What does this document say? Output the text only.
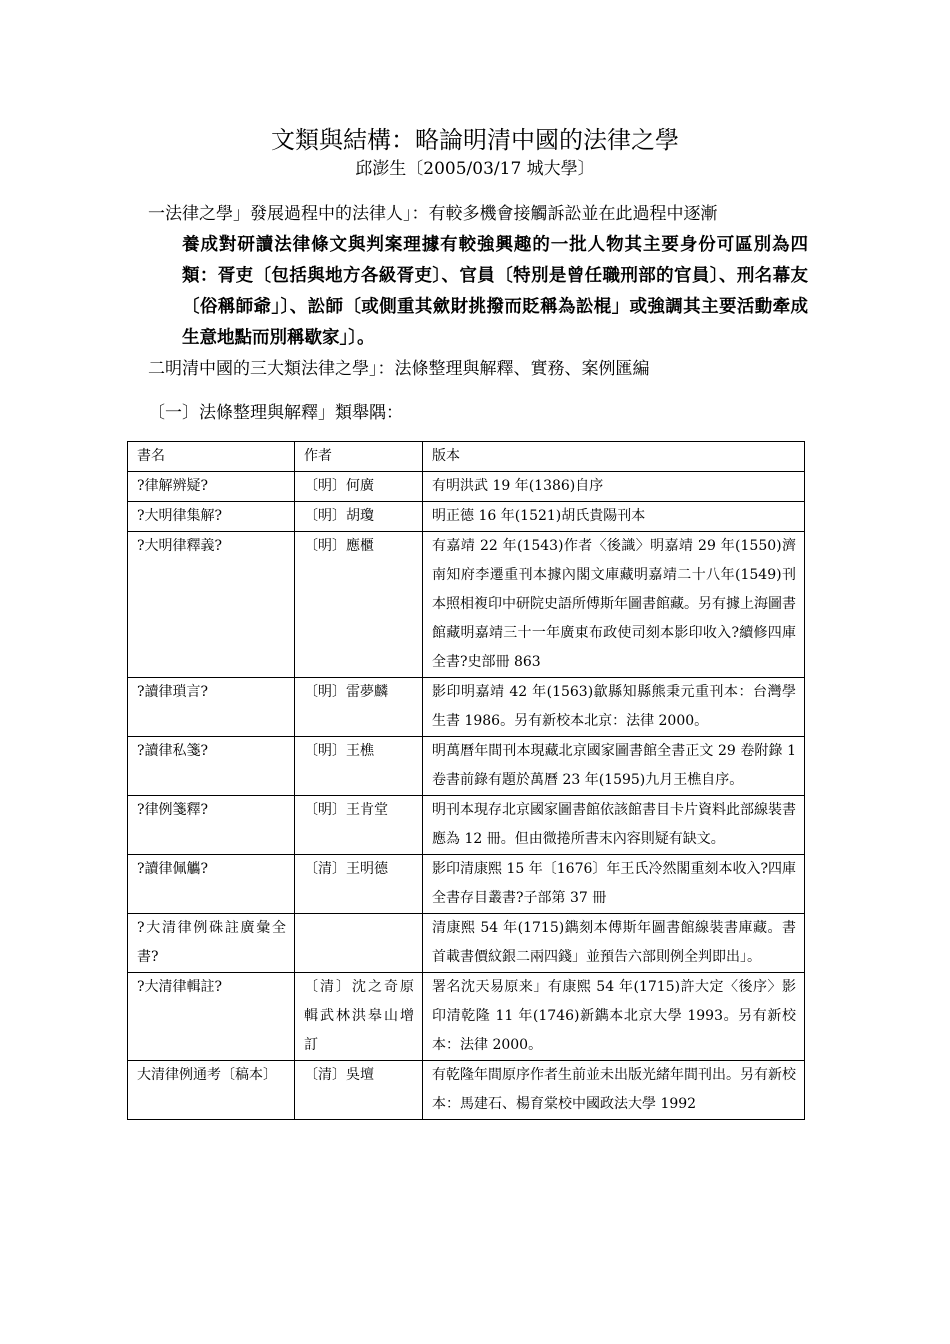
文類與結構：略論明清中國的法律之學
邱澎生〔2005/03/17 城大學〕
一法律之學」發展過程中的法律人」：有較多機會接觸訴訟並在此過程中逐漸
養成對研讀法律條文與判案理據有較強興趣的一批人物其主要身份可區別為四類：胥吏〔包括與地方各級胥吏〕、官員〔特別是曾任職刑部的官員〕、刑名幕友〔俗稱師爺」〕、訟師〔或側重其歛財挑撥而貶稱為訟棍」或強調其主要活動牽成生意地點而別稱歇家」〕。
二明清中國的三大類法律之學」：法條整理與解釋、實務、案例匯編
〔一〕法條整理與解釋」類舉隅：
書名	作者	版本
?律解辨疑?	〔明〕何廣	有明洪武 19 年(1386)自序
?大明律集解?	〔明〕胡瓊	明正德 16 年(1521)胡氏貴陽刊本
?大明律釋義?	〔明〕應櫃	有嘉靖 22 年(1543)作者〈後識〉明嘉靖 29 年(1550)濟南知府李遷重刊本據內閣文庫藏明嘉靖二十八年(1549)刊本照相複印中研院史語所傅斯年圖書館藏。另有據上海圖書館藏明嘉靖三十一年廣東布政使司刻本影印收入?續修四庫全書?史部冊 863
?讀律瑣言?	〔明〕雷夢麟	影印明嘉靖 42 年(1563)歙縣知縣熊秉元重刊本：台灣學生書 1986。另有新校本北京：法律 2000。
?讀律私箋?	〔明〕王樵	明萬曆年間刊本現藏北京國家圖書館全書正文 29 卷附錄 1 卷書前錄有題於萬曆 23 年(1595)九月王樵自序。
?律例箋釋?	〔明〕王肯堂	明刊本現存北京國家圖書館依該館書目卡片資料此部線裝書應為 12 冊。但由微捲所書末內容則疑有缺文。
?讀律佩觿?	〔清〕王明德	影印清康熙 15 年〔1676〕年王氏冷然閣重刻本收入?四庫全書存目叢書?子部第 37 冊
?大清律例硃註廣彙全書?		清康熙 54 年(1715)鐫刻本傅斯年圖書館線裝書庫藏。書首載書價紋銀二兩四錢」並預告六部則例全判即出」。
?大清律輯註?	〔清〕沈之奇原輯武林洪皋山增訂	署名沈天易原来」有康熙 54 年(1715)許大定〈後序〉影印清乾隆 11 年(1746)新鐫本北京大學 1993。另有新校本：法律 2000。
大清律例通考〔稿本〕	〔清〕吳壇	有乾隆年間原序作者生前並未出版光緒年間刊出。另有新校本：馬建石、楊育棠校中國政法大學 1992
